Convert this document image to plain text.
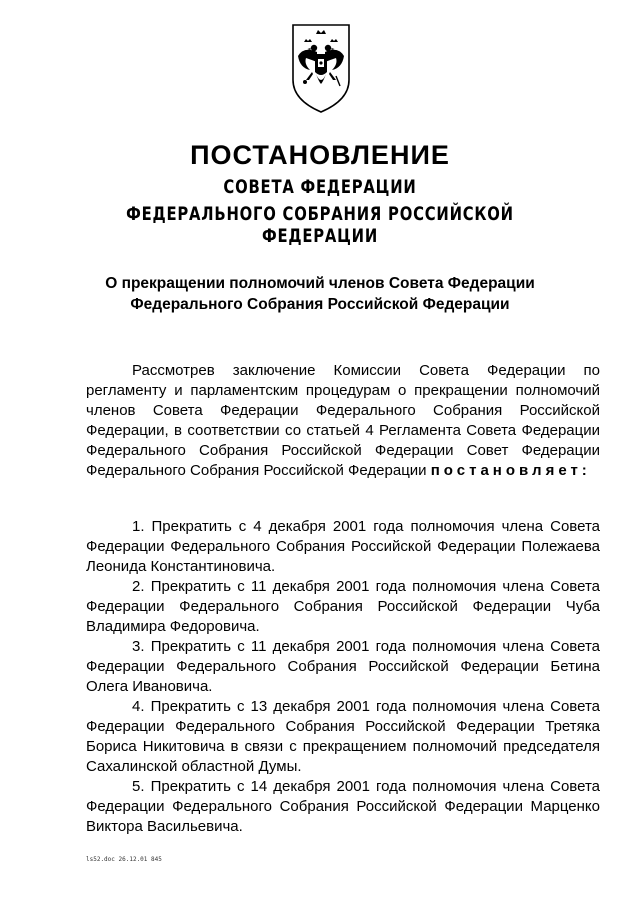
ПОСТАНОВЛЕНИЕ
СОВЕТА ФЕДЕРАЦИИ
ФЕДЕРАЛЬНОГО СОБРАНИЯ РОССИЙСКОЙ ФЕДЕРАЦИИ
О прекращении полномочий членов Совета Федерации
Федерального Собрания Российской Федерации

Рассмотрев заключение Комиссии Совета Федерации по регламенту и парламентским процедурам о прекращении полномочий членов Совета Федерации Федерального Собрания Российской Федерации, в соответствии со статьей 4 Регламента Совета Федерации Федерального Собрания Российской Федерации Совет Федерации Федерального Собрания Российской Федерации постановляет:

1. Прекратить с 4 декабря 2001 года полномочия члена Совета Федерации Федерального Собрания Российской Федерации Полежаева Леонида Константиновича.

2. Прекратить с 11 декабря 2001 года полномочия члена Совета Федерации Федерального Собрания Российской Федерации Чуба Владимира Федоровича.

3. Прекратить с 11 декабря 2001 года полномочия члена Совета Федерации Федерального Собрания Российской Федерации Бетина Олега Ивановича.

4. Прекратить с 13 декабря 2001 года полномочия члена Совета Федерации Федерального Собрания Российской Федерации Третяка Бориса Никитовича в связи с прекращением полномочий председателя Сахалинской областной Думы.

5. Прекратить с 14 декабря 2001 года полномочия члена Совета Федерации Федерального Собрания Российской Федерации Марценко Виктора Васильевича.

ls52.doc 26.12.01 845
